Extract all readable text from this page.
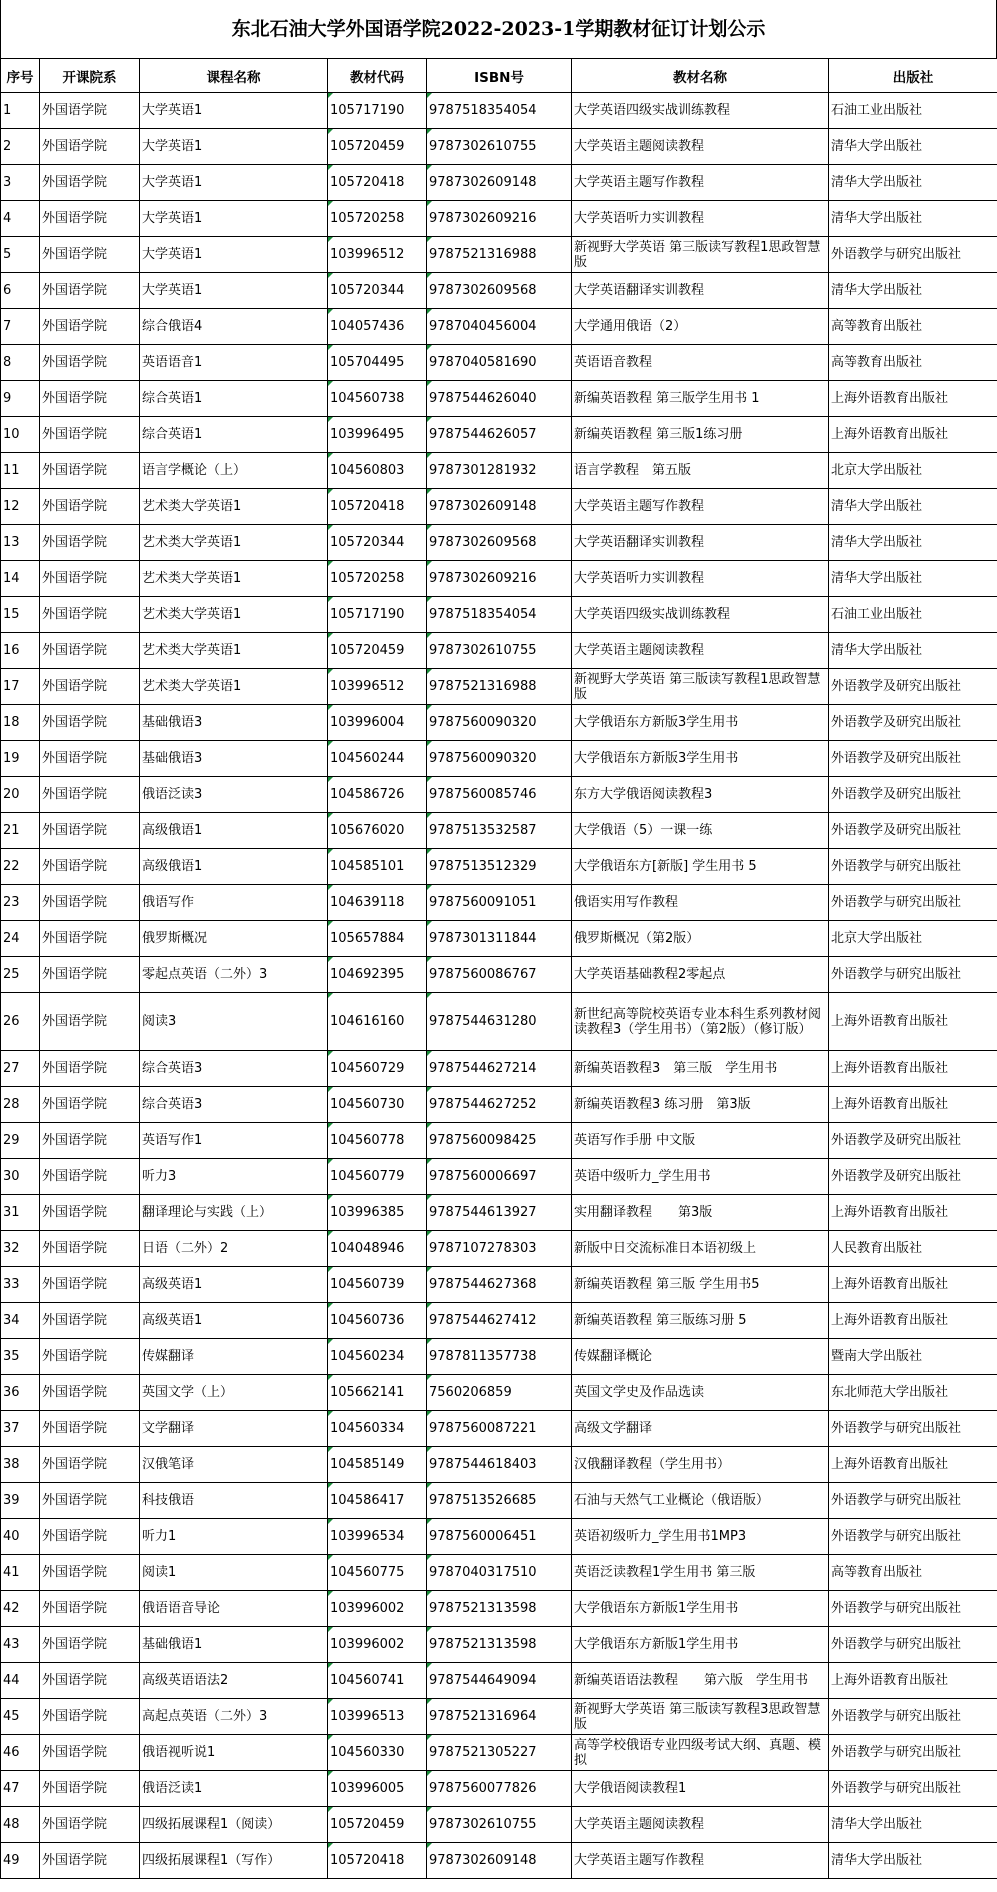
东北石油大学外国语学院2022-2023-1学期教材征订计划公示
序号	开课院系	课程名称	教材代码	ISBN号	教材名称	出版社
1	外国语学院	大学英语1	105717190	9787518354054	大学英语四级实战训练教程	石油工业出版社
2	外国语学院	大学英语1	105720459	9787302610755	大学英语主题阅读教程	清华大学出版社
3	外国语学院	大学英语1	105720418	9787302609148	大学英语主题写作教程	清华大学出版社
4	外国语学院	大学英语1	105720258	9787302609216	大学英语听力实训教程	清华大学出版社
5	外国语学院	大学英语1	103996512	9787521316988	新视野大学英语 第三版读写教程1思政智慧版	外语教学与研究出版社
6	外国语学院	大学英语1	105720344	9787302609568	大学英语翻译实训教程	清华大学出版社
7	外国语学院	综合俄语4	104057436	9787040456004	大学通用俄语（2）	高等教育出版社
8	外国语学院	英语语音1	105704495	9787040581690	英语语音教程	高等教育出版社
9	外国语学院	综合英语1	104560738	9787544626040	新编英语教程 第三版学生用书 1	上海外语教育出版社
10	外国语学院	综合英语1	103996495	9787544626057	新编英语教程 第三版1练习册	上海外语教育出版社
11	外国语学院	语言学概论（上）	104560803	9787301281932	语言学教程　第五版	北京大学出版社
12	外国语学院	艺术类大学英语1	105720418	9787302609148	大学英语主题写作教程	清华大学出版社
13	外国语学院	艺术类大学英语1	105720344	9787302609568	大学英语翻译实训教程	清华大学出版社
14	外国语学院	艺术类大学英语1	105720258	9787302609216	大学英语听力实训教程	清华大学出版社
15	外国语学院	艺术类大学英语1	105717190	9787518354054	大学英语四级实战训练教程	石油工业出版社
16	外国语学院	艺术类大学英语1	105720459	9787302610755	大学英语主题阅读教程	清华大学出版社
17	外国语学院	艺术类大学英语1	103996512	9787521316988	新视野大学英语 第三版读写教程1思政智慧版	外语教学及研究出版社
18	外国语学院	基础俄语3	103996004	9787560090320	大学俄语东方新版3学生用书	外语教学及研究出版社
19	外国语学院	基础俄语3	104560244	9787560090320	大学俄语东方新版3学生用书	外语教学及研究出版社
20	外国语学院	俄语泛读3	104586726	9787560085746	东方大学俄语阅读教程3	外语教学及研究出版社
21	外国语学院	高级俄语1	105676020	9787513532587	大学俄语（5）一课一练	外语教学及研究出版社
22	外国语学院	高级俄语1	104585101	9787513512329	大学俄语东方[新版] 学生用书 5	外语教学与研究出版社
23	外国语学院	俄语写作	104639118	9787560091051	俄语实用写作教程	外语教学与研究出版社
24	外国语学院	俄罗斯概况	105657884	9787301311844	俄罗斯概况（第2版）	北京大学出版社
25	外国语学院	零起点英语（二外）3	104692395	9787560086767	大学英语基础教程2零起点	外语教学与研究出版社
26	外国语学院	阅读3	104616160	9787544631280	新世纪高等院校英语专业本科生系列教材阅读教程3（学生用书）（第2版）（修订版）	上海外语教育出版社
27	外国语学院	综合英语3	104560729	9787544627214	新编英语教程3　第三版　学生用书	上海外语教育出版社
28	外国语学院	综合英语3	104560730	9787544627252	新编英语教程3 练习册　第3版	上海外语教育出版社
29	外国语学院	英语写作1	104560778	9787560098425	英语写作手册 中文版	外语教学及研究出版社
30	外国语学院	听力3	104560779	9787560006697	英语中级听力_学生用书	外语教学及研究出版社
31	外国语学院	翻译理论与实践（上）	103996385	9787544613927	实用翻译教程　　第3版	上海外语教育出版社
32	外国语学院	日语（二外）2	104048946	9787107278303	新版中日交流标准日本语初级上	人民教育出版社
33	外国语学院	高级英语1	104560739	9787544627368	新编英语教程 第三版 学生用书5	上海外语教育出版社
34	外国语学院	高级英语1	104560736	9787544627412	新编英语教程 第三版练习册 5	上海外语教育出版社
35	外国语学院	传媒翻译	104560234	9787811357738	传媒翻译概论	暨南大学出版社
36	外国语学院	英国文学（上）	105662141	7560206859	英国文学史及作品选读	东北师范大学出版社
37	外国语学院	文学翻译	104560334	9787560087221	高级文学翻译	外语教学与研究出版社
38	外国语学院	汉俄笔译	104585149	9787544618403	汉俄翻译教程（学生用书）	上海外语教育出版社
39	外国语学院	科技俄语	104586417	9787513526685	石油与天然气工业概论（俄语版）	外语教学与研究出版社
40	外国语学院	听力1	103996534	9787560006451	英语初级听力_学生用书1MP3	外语教学与研究出版社
41	外国语学院	阅读1	104560775	9787040317510	英语泛读教程1学生用书 第三版	高等教育出版社
42	外国语学院	俄语语音导论	103996002	9787521313598	大学俄语东方新版1学生用书	外语教学与研究出版社
43	外国语学院	基础俄语1	103996002	9787521313598	大学俄语东方新版1学生用书	外语教学与研究出版社
44	外国语学院	高级英语语法2	104560741	9787544649094	新编英语语法教程　　第六版　学生用书	上海外语教育出版社
45	外国语学院	高起点英语（二外）3	103996513	9787521316964	新视野大学英语 第三版读写教程3思政智慧版	外语教学与研究出版社
46	外国语学院	俄语视听说1	104560330	9787521305227	高等学校俄语专业四级考试大纲、真题、模拟	外语教学与研究出版社
47	外国语学院	俄语泛读1	103996005	9787560077826	大学俄语阅读教程1	外语教学与研究出版社
48	外国语学院	四级拓展课程1（阅读）	105720459	9787302610755	大学英语主题阅读教程	清华大学出版社
49	外国语学院	四级拓展课程1（写作）	105720418	9787302609148	大学英语主题写作教程	清华大学出版社
